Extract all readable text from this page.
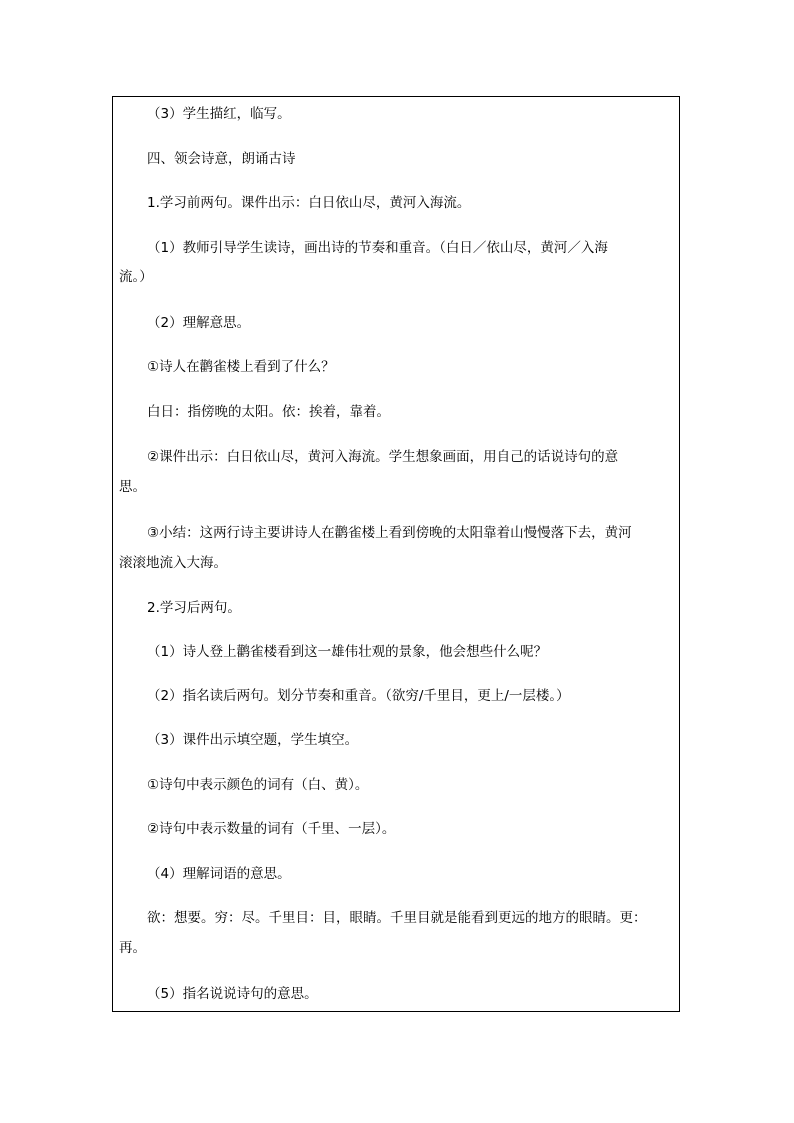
（3）学生描红，临写。
四、领会诗意，朗诵古诗
1.学习前两句。课件出示：白日依山尽，黄河入海流。
（1）教师引导学生读诗，画出诗的节奏和重音。（白日／依山尽，黄河／入海
流。）
（2）理解意思。
①诗人在鹳雀楼上看到了什么？
白日：指傍晚的太阳。依：挨着，靠着。
②课件出示：白日依山尽，黄河入海流。学生想象画面，用自己的话说诗句的意
思。
③小结：这两行诗主要讲诗人在鹳雀楼上看到傍晚的太阳靠着山慢慢落下去，黄河
滚滚地流入大海。
2.学习后两句。
（1）诗人登上鹳雀楼看到这一雄伟壮观的景象，他会想些什么呢？
（2）指名读后两句。划分节奏和重音。（欲穷/千里目，更上/一层楼。）
（3）课件出示填空题，学生填空。
①诗句中表示颜色的词有（白、黄）。
②诗句中表示数量的词有（千里、一层）。
（4）理解词语的意思。
欲：想要。穷：尽。千里目：目，眼睛。千里目就是能看到更远的地方的眼睛。更：
再。
（5）指名说说诗句的意思。
